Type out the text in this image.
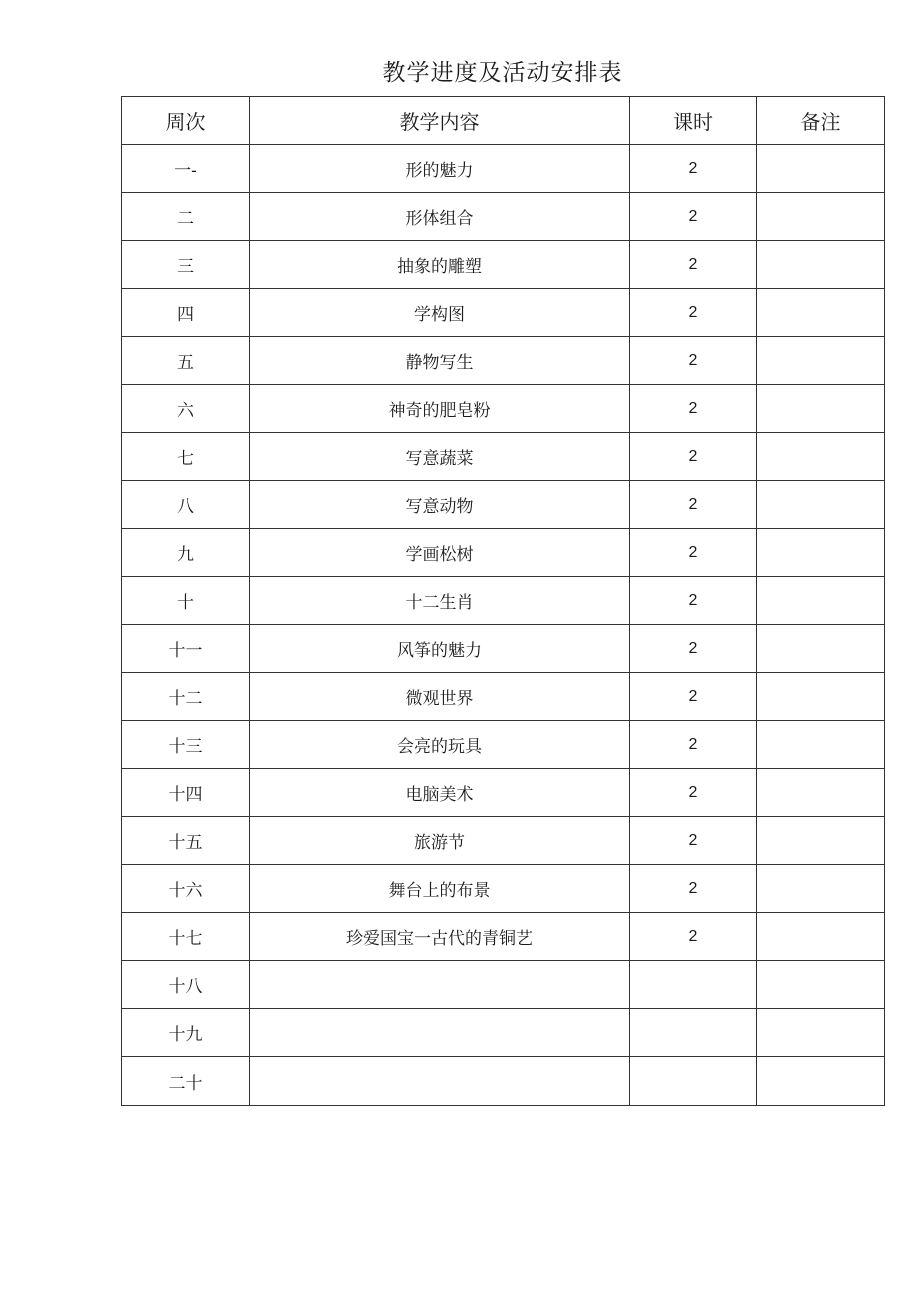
教学进度及活动安排表
周次	教学内容	课时	备注
一-	形的魅力	2	
二	形体组合	2	
三	抽象的雕塑	2	
四	学构图	2	
五	静物写生	2	
六	神奇的肥皂粉	2	
七	写意蔬菜	2	
八	写意动物	2	
九	学画松树	2	
十	十二生肖	2	
十一	风筝的魅力	2	
十二	微观世界	2	
十三	会亮的玩具	2	
十四	电脑美术	2	
十五	旅游节	2	
十六	舞台上的布景	2	
十七	珍爱国宝一古代的青铜艺	2	
十八			
十九			
二十			
